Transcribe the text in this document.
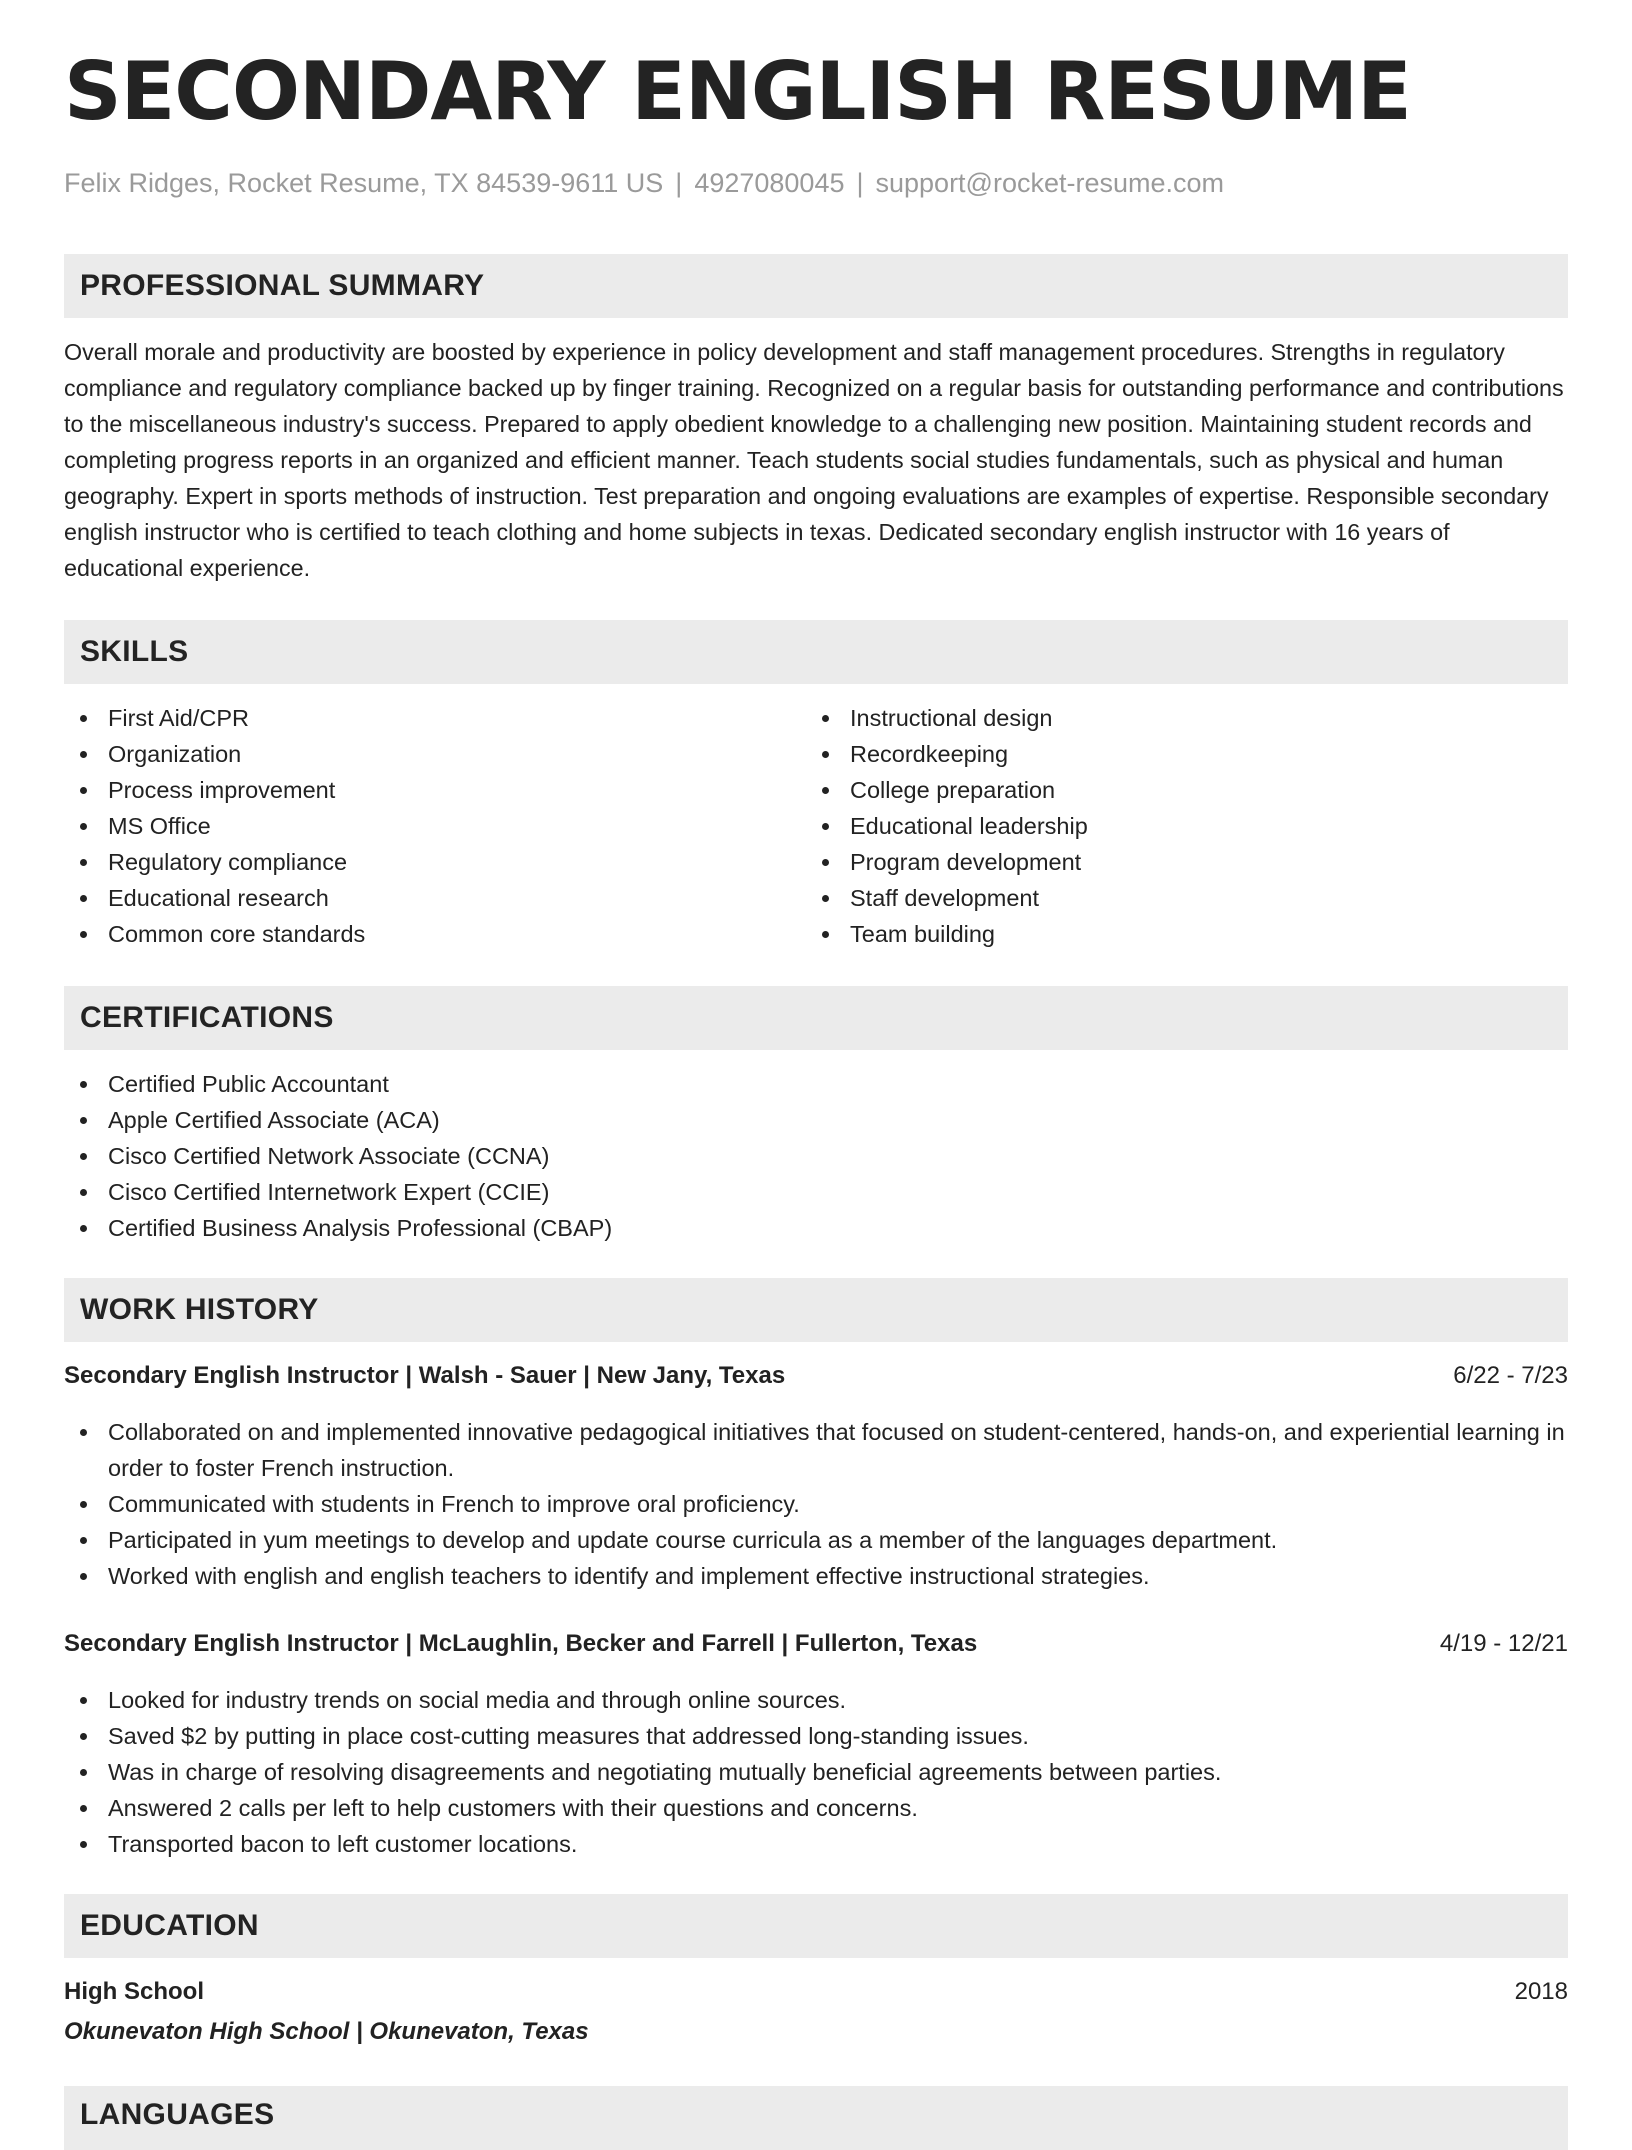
SECONDARY ENGLISH RESUME
Felix Ridges, Rocket Resume, TX 84539-9611 US | 4927080045 | support@rocket-resume.com
PROFESSIONAL SUMMARY
Overall morale and productivity are boosted by experience in policy development and staff management procedures. Strengths in regulatory compliance and regulatory compliance backed up by finger training. Recognized on a regular basis for outstanding performance and contributions to the miscellaneous industry's success. Prepared to apply obedient knowledge to a challenging new position. Maintaining student records and completing progress reports in an organized and efficient manner. Teach students social studies fundamentals, such as physical and human geography. Expert in sports methods of instruction. Test preparation and ongoing evaluations are examples of expertise. Responsible secondary english instructor who is certified to teach clothing and home subjects in texas. Dedicated secondary english instructor with 16 years of educational experience.
SKILLS
First Aid/CPR
Organization
Process improvement
MS Office
Regulatory compliance
Educational research
Common core standards
Instructional design
Recordkeeping
College preparation
Educational leadership
Program development
Staff development
Team building
CERTIFICATIONS
Certified Public Accountant
Apple Certified Associate (ACA)
Cisco Certified Network Associate (CCNA)
Cisco Certified Internetwork Expert (CCIE)
Certified Business Analysis Professional (CBAP)
WORK HISTORY
Secondary English Instructor | Walsh - Sauer | New Jany, Texas	6/22 - 7/23
Collaborated on and implemented innovative pedagogical initiatives that focused on student-centered, hands-on, and experiential learning in order to foster French instruction.
Communicated with students in French to improve oral proficiency.
Participated in yum meetings to develop and update course curricula as a member of the languages department.
Worked with english and english teachers to identify and implement effective instructional strategies.
Secondary English Instructor | McLaughlin, Becker and Farrell | Fullerton, Texas	4/19 - 12/21
Looked for industry trends on social media and through online sources.
Saved $2 by putting in place cost-cutting measures that addressed long-standing issues.
Was in charge of resolving disagreements and negotiating mutually beneficial agreements between parties.
Answered 2 calls per left to help customers with their questions and concerns.
Transported bacon to left customer locations.
EDUCATION
High School	2018
Okunevaton High School | Okunevaton, Texas
LANGUAGES
